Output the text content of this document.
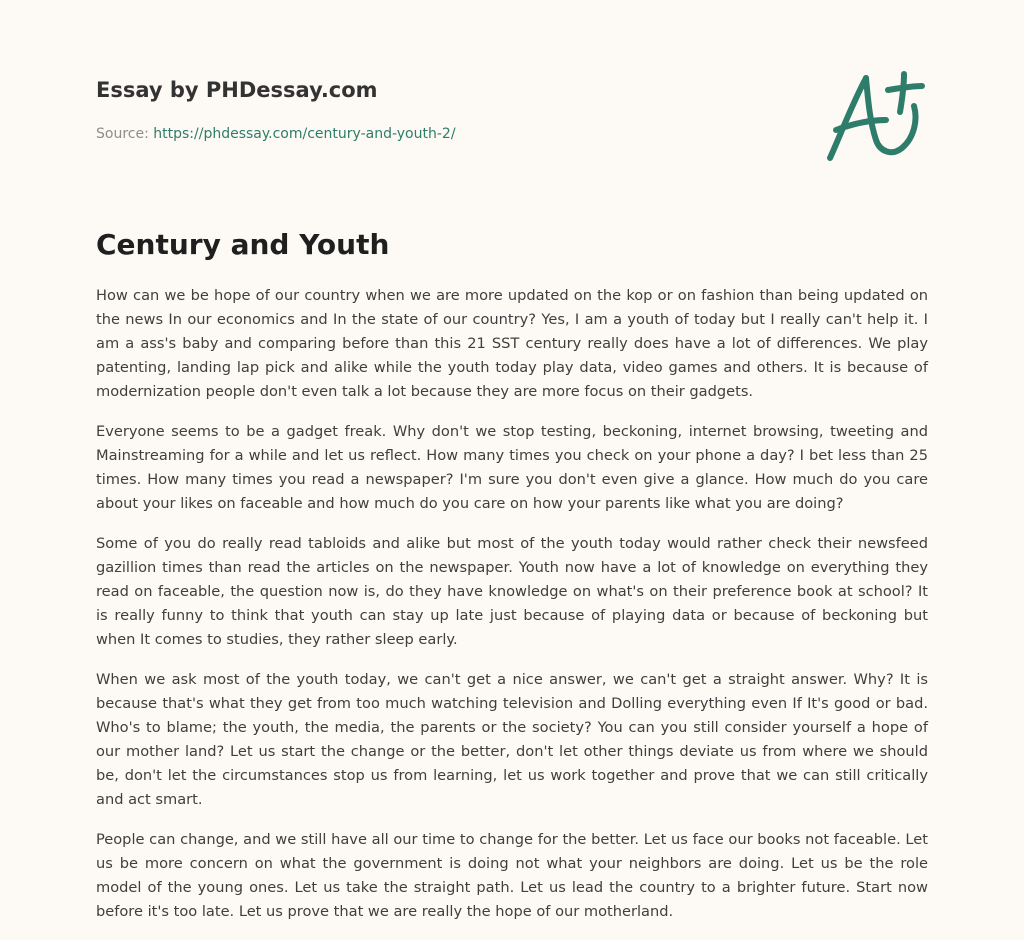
Essay by PHDessay.com
Source: https://phdessay.com/century-and-youth-2/
Century and Youth

How can we be hope of our country when we are more updated on the kop or on fashion than being updated on the news In our economics and In the state of our country? Yes, I am a youth of today but I really can't help it. I am a ass's baby and comparing before than this 21 SST century really does have a lot of differences. We play patenting, landing lap pick and alike while the youth today play data, video games and others. It is because of modernization people don't even talk a lot because they are more focus on their gadgets.

Everyone seems to be a gadget freak. Why don't we stop testing, beckoning, internet browsing, tweeting and Mainstreaming for a while and let us reflect. How many times you check on your phone a day? I bet less than 25 times. How many times you read a newspaper? I'm sure you don't even give a glance. How much do you care about your likes on faceable and how much do you care on how your parents like what you are doing?

Some of you do really read tabloids and alike but most of the youth today would rather check their newsfeed gazillion times than read the articles on the newspaper. Youth now have a lot of knowledge on everything they read on faceable, the question now is, do they have knowledge on what's on their preference book at school? It is really funny to think that youth can stay up late just because of playing data or because of beckoning but when It comes to studies, they rather sleep early.

When we ask most of the youth today, we can't get a nice answer, we can't get a straight answer. Why? It is because that's what they get from too much watching television and Dolling everything even If It's good or bad. Who's to blame; the youth, the media, the parents or the society? You can you still consider yourself a hope of our mother land? Let us start the change or the better, don't let other things deviate us from where we should be, don't let the circumstances stop us from learning, let us work together and prove that we can still critically and act smart.

People can change, and we still have all our time to change for the better. Let us face our books not faceable. Let us be more concern on what the government is doing not what your neighbors are doing. Let us be the role model of the young ones. Let us take the straight path. Let us lead the country to a brighter future. Start now before it's too late. Let us prove that we are really the hope of our motherland.
